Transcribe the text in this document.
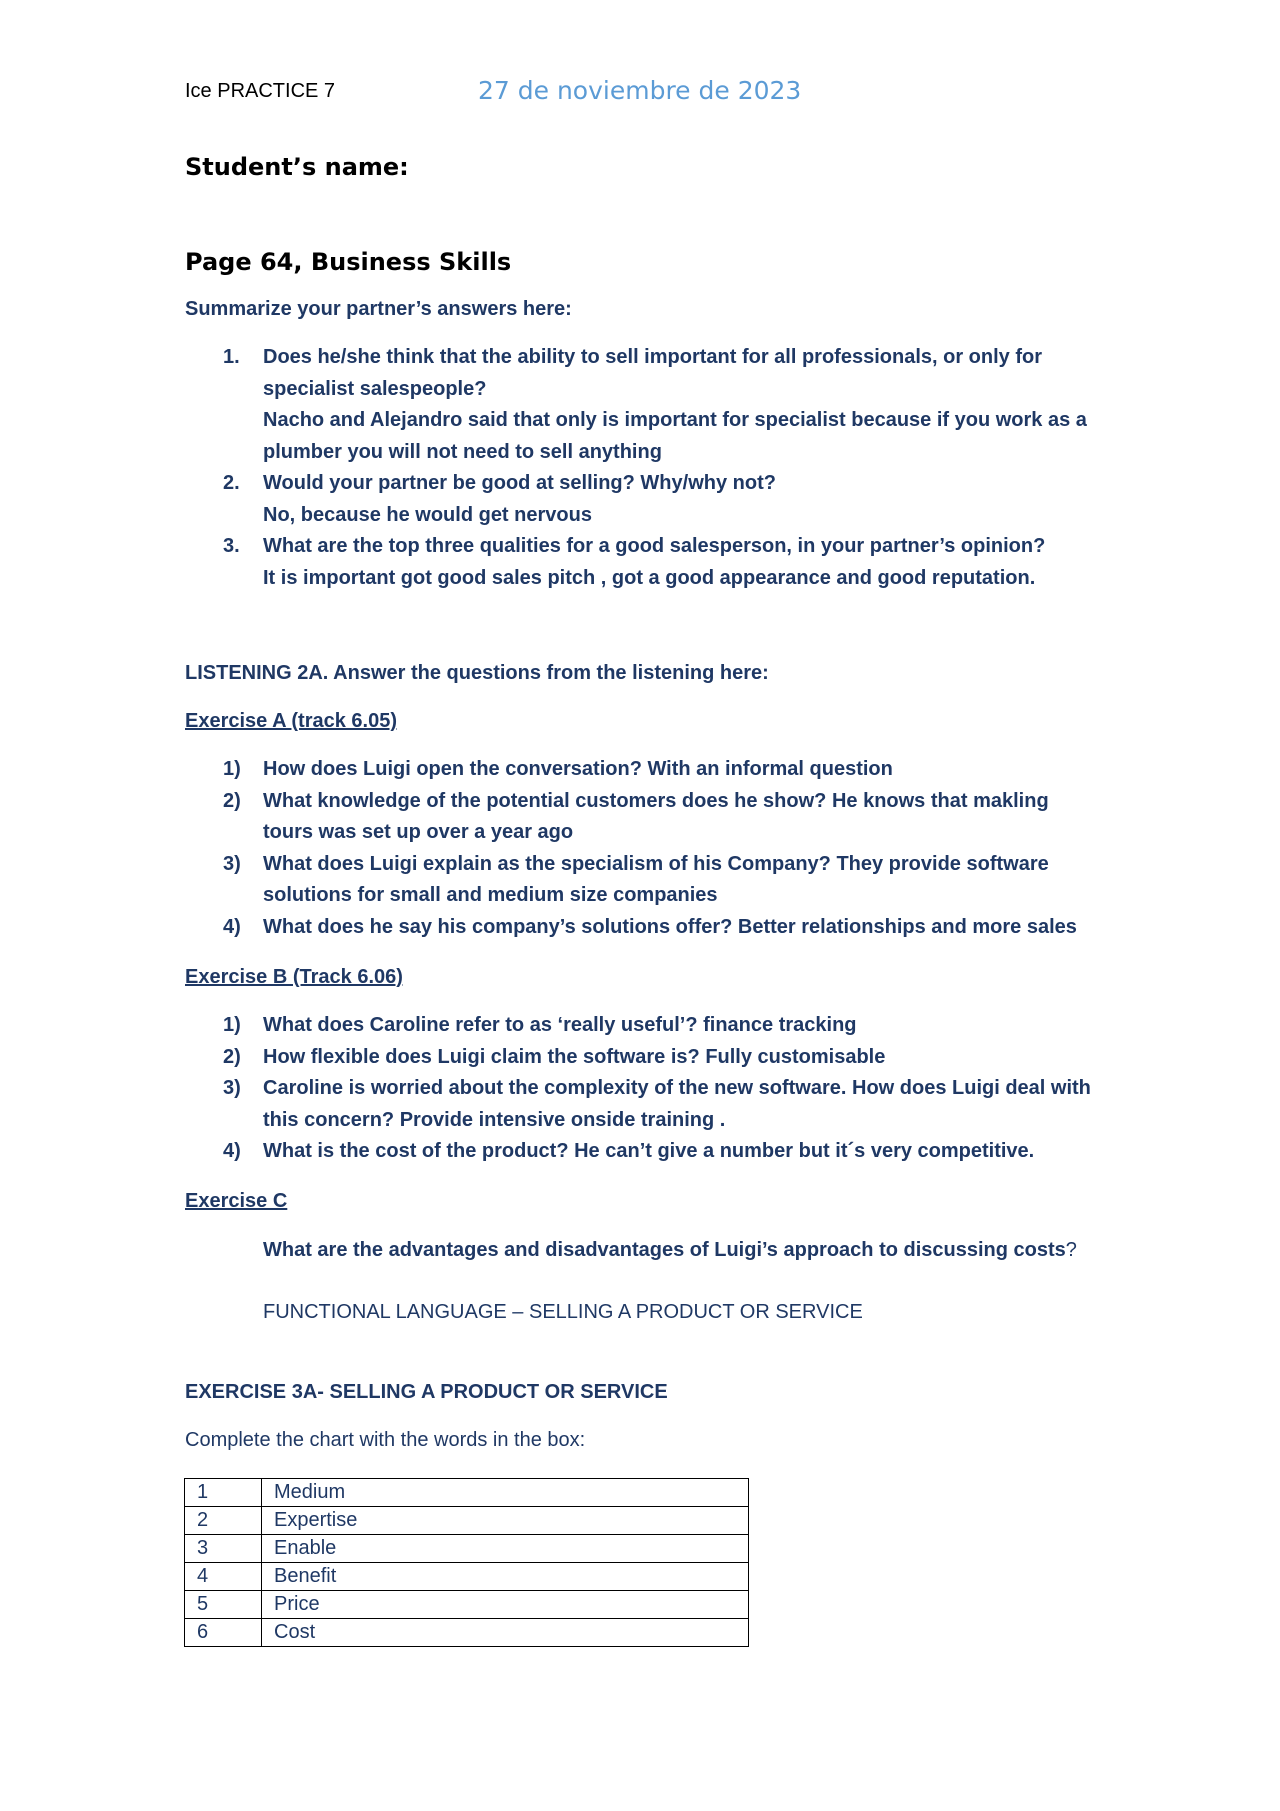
Ice PRACTICE 7	27 de noviembre de 2023
Student’s name:
Page 64, Business Skills
Summarize your partner’s answers here:
1. Does he/she think that the ability to sell important for all professionals, or only for
specialist salespeople?
Nacho and Alejandro said that only is important for specialist because if you work as a
plumber you will not need to sell anything
2. Would your partner be good at selling? Why/why not?
No, because he would get nervous
3. What are the top three qualities for a good salesperson, in your partner’s opinion?
It is important got good sales pitch , got a good appearance and good reputation.
LISTENING 2A. Answer the questions from the listening here:
Exercise A (track 6.05)
1) How does Luigi open the conversation? With an informal question
2) What knowledge of the potential customers does he show? He knows that makling
tours was set up over a year ago
3) What does Luigi explain as the specialism of his Company? They provide software
solutions for small and medium size companies
4) What does he say his company’s solutions offer? Better relationships and more sales
Exercise B (Track 6.06)
1) What does Caroline refer to as ‘really useful’? finance tracking
2) How flexible does Luigi claim the software is? Fully customisable
3) Caroline is worried about the complexity of the new software. How does Luigi deal with
this concern? Provide intensive onside training .
4) What is the cost of the product? He can’t give a number but it´s very competitive.
Exercise C
What are the advantages and disadvantages of Luigi’s approach to discussing costs?
FUNCTIONAL LANGUAGE – SELLING A PRODUCT OR SERVICE
EXERCISE 3A- SELLING A PRODUCT OR SERVICE
Complete the chart with the words in the box:
1	Medium
2	Expertise
3	Enable
4	Benefit
5	Price
6	Cost
